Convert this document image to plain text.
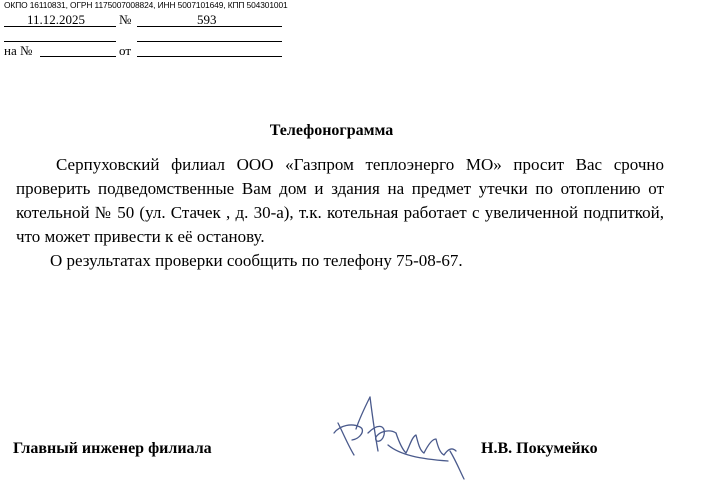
ОКПО 16110831, ОГРН 1175007008824, ИНН 5007101649, КПП 504301001
11.12.2025	№	593
на №	от
Телефонограмма

Серпуховский филиал ООО «Газпром теплоэнерго МО» просит Вас срочно проверить подведомственные Вам дом и здания на предмет утечки по отоплению от котельной № 50 (ул. Стачек , д. 30-а), т.к. котельная работает с увеличенной подпиткой, что может привести к её останову.

О результатах проверки сообщить по телефону 75-08-67.

Главный инженер филиала	Н.В. Покумейко
